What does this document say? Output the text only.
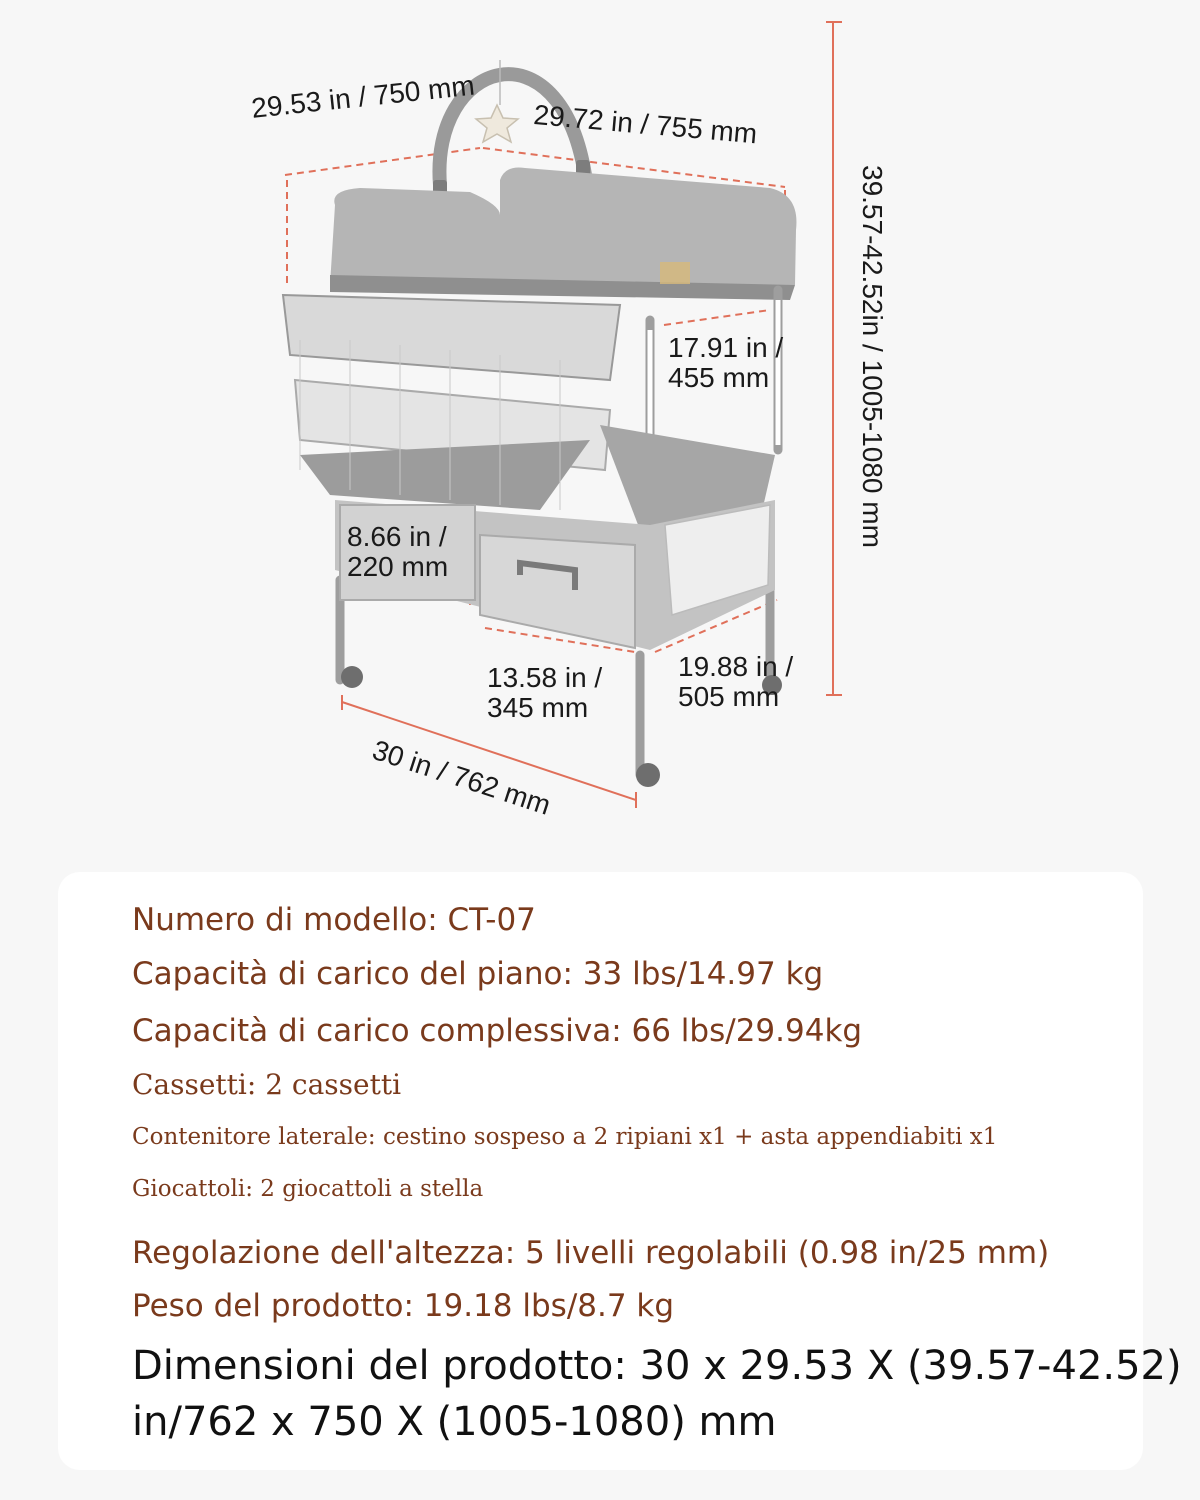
29.53 in / 750 mm
29.72 in / 755 mm
39.57-42.52in / 1005-1080 mm
17.91 in /
455 mm
8.66 in /
220 mm
13.58 in /
345 mm
19.88 in /
505 mm
30 in / 762 mm
Numero di modello: CT-07
Capacità di carico del piano: 33 lbs/14.97 kg
Capacità di carico complessiva: 66 lbs/29.94kg
Cassetti: 2 cassetti
Contenitore laterale: cestino sospeso a 2 ripiani x1 + asta appendiabiti x1
Giocattoli: 2 giocattoli a stella
Regolazione dell'altezza: 5 livelli regolabili (0.98 in/25 mm)
Peso del prodotto: 19.18 lbs/8.7 kg
Dimensioni del prodotto: 30 x 29.53 X (39.57-42.52) in/762 x 750 X (1005-1080) mm
